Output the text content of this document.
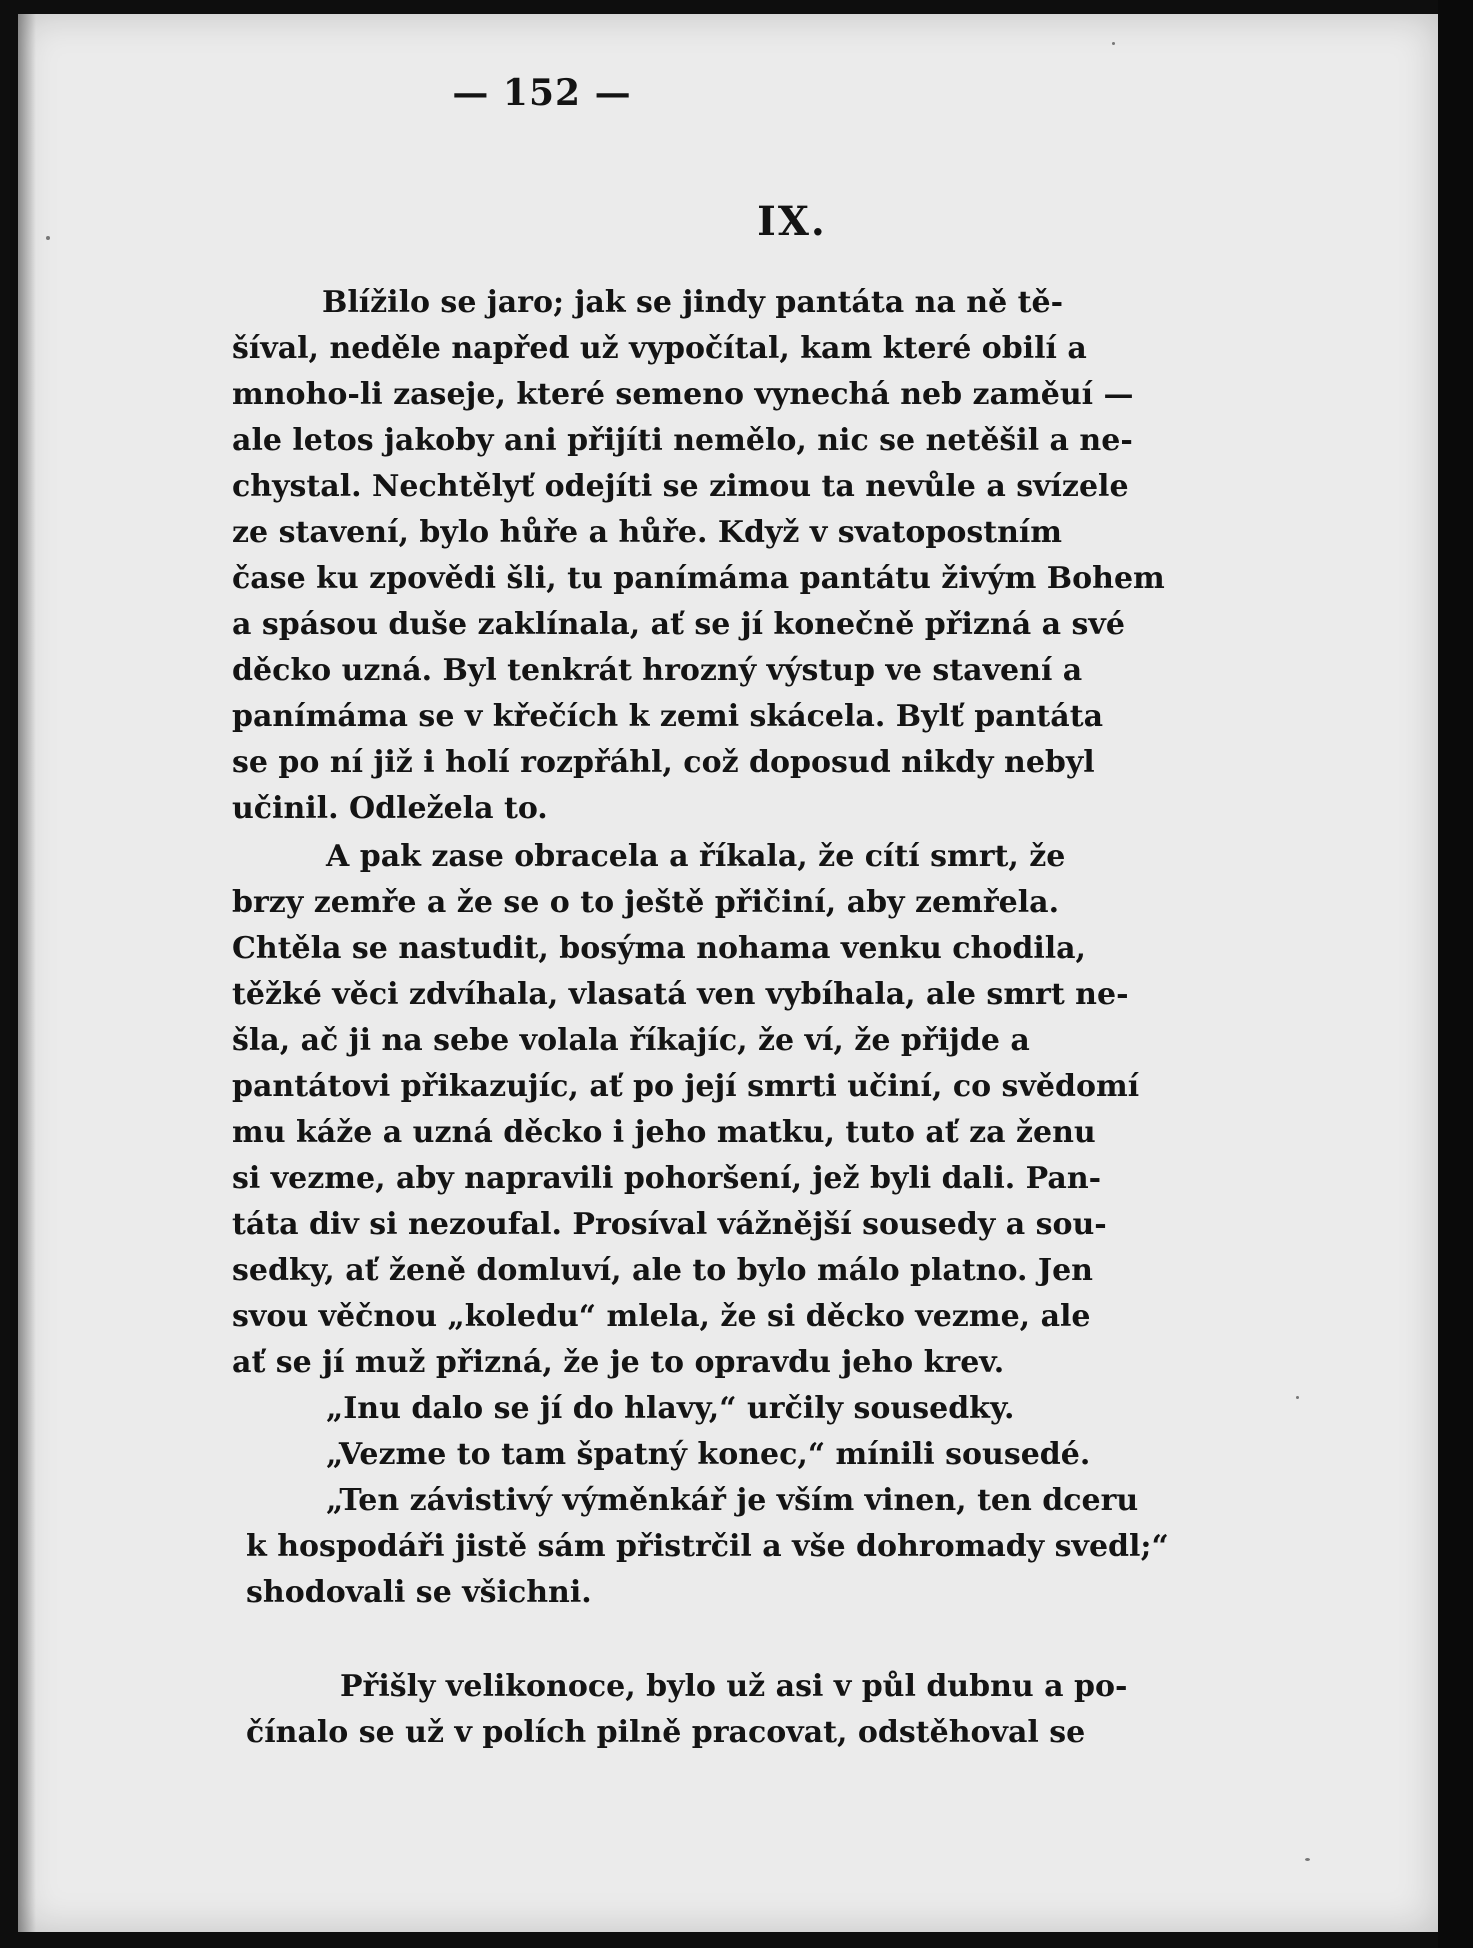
— 152 —
IX.
Blížilo se jaro; jak se jindy pantáta na ně tě-
šíval, neděle napřed už vypočítal, kam které obilí a
mnoho-li zaseje, které semeno vynechá neb zaměuí —
ale letos jakoby ani přijíti nemělo, nic se netěšil a ne-
chystal. Nechtělyť odejíti se zimou ta nevůle a svízele
ze stavení, bylo hůře a hůře. Když v svatopostním
čase ku zpovědi šli, tu panímáma pantátu živým Bohem
a spásou duše zaklínala, ať se jí konečně přizná a své
děcko uzná. Byl tenkrát hrozný výstup ve stavení a
panímáma se v křečích k zemi skácela. Bylť pantáta
se po ní již i holí rozpřáhl, což doposud nikdy nebyl
učinil. Odležela to.
A pak zase obracela a říkala, že cítí smrt, že
brzy zemře a že se o to ještě přičiní, aby zemřela.
Chtěla se nastudit, bosýma nohama venku chodila,
těžké věci zdvíhala, vlasatá ven vybíhala, ale smrt ne-
šla, ač ji na sebe volala říkajíc, že ví, že přijde a
pantátovi přikazujíc, ať po její smrti učiní, co svědomí
mu káže a uzná děcko i jeho matku, tuto ať za ženu
si vezme, aby napravili pohoršení, jež byli dali. Pan-
táta div si nezoufal. Prosíval vážnější sousedy a sou-
sedky, ať ženě domluví, ale to bylo málo platno. Jen
svou věčnou „koledu“ mlela, že si děcko vezme, ale
ať se jí muž přizná, že je to opravdu jeho krev.
„Inu dalo se jí do hlavy,“ určily sousedky.
„Vezme to tam špatný konec,“ mínili sousedé.
„Ten závistivý výměnkář je vším vinen, ten dceru
k hospodáři jistě sám přistrčil a vše dohromady svedl;“
shodovali se všichni.
Přišly velikonoce, bylo už asi v půl dubnu a po-
čínalo se už v polích pilně pracovat, odstěhoval se
